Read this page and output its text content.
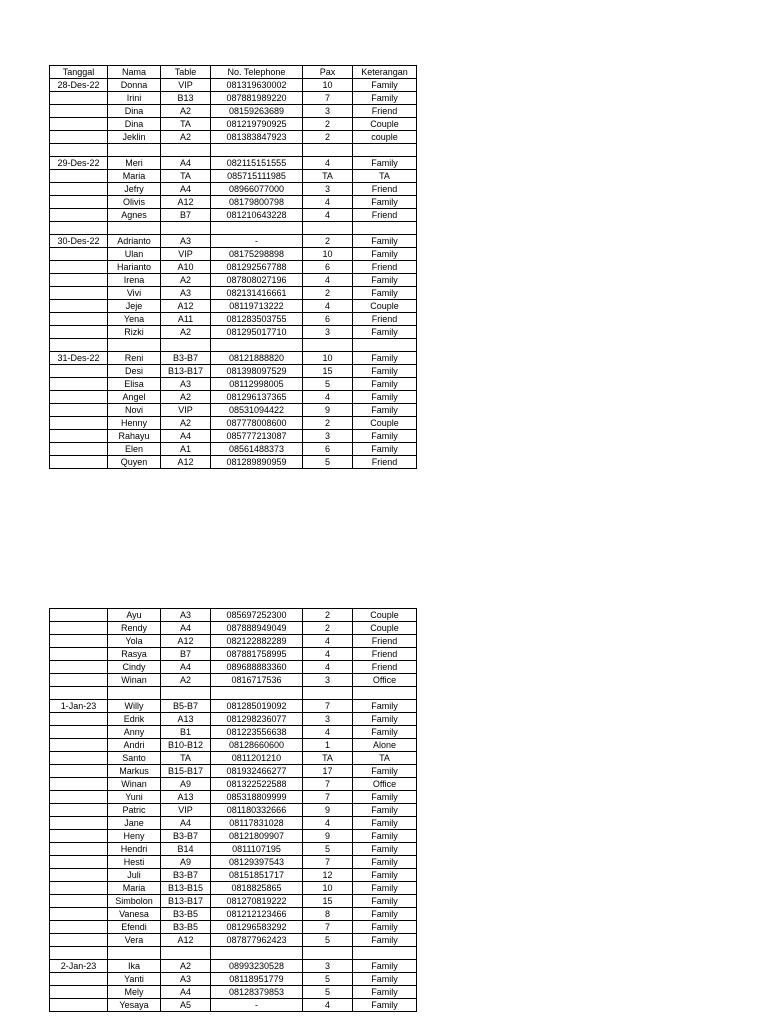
Tanggal	Nama	Table	No. Telephone	Pax	Keterangan
28-Des-22	Donna	VIP	081319630002	10	Family
	Irini	B13	087881989220	7	Family
	Dina	A2	08159263689	3	Friend
	Dina	TA	081219790925	2	Couple
	Jeklin	A2	081383847923	2	couple

29-Des-22	Meri	A4	082115151555	4	Family
	Maria	TA	085715111985	TA	TA
	Jefry	A4	08966077000	3	Friend
	Olivis	A12	08179800798	4	Family
	Agnes	B7	081210643228	4	Friend

30-Des-22	Adrianto	A3	-	2	Family
	Ulan	VIP	08175298898	10	Family
	Harianto	A10	081292567788	6	Friend
	Irena	A2	087808027196	4	Family
	Vivi	A3	082131416661	2	Family
	Jeje	A12	08119713222	4	Couple
	Yena	A11	081283503755	6	Friend
	Rizki	A2	081295017710	3	Family

31-Des-22	Reni	B3-B7	08121888820	10	Family
	Desi	B13-B17	081398097529	15	Family
	Elisa	A3	08112998005	5	Family
	Angel	A2	081296137365	4	Family
	Novi	VIP	08531094422	9	Family
	Henny	A2	087778008600	2	Couple
	Rahayu	A4	085777213087	3	Family
	Elen	A1	08561488373	6	Family
	Quyen	A12	081289890959	5	Friend
	Ayu	A3	085697252300	2	Couple
	Rendy	A4	087888949049	2	Couple
	Yola	A12	082122882289	4	Friend
	Rasya	B7	087881758995	4	Friend
	Cindy	A4	089688883360	4	Friend
	Winan	A2	0816717536	3	Office

1-Jan-23	Willy	B5-B7	081285019092	7	Family
	Edrik	A13	081298236077	3	Family
	Anny	B1	081223556638	4	Family
	Andri	B10-B12	08128660600	1	Alone
	Santo	TA	0811201210	TA	TA
	Markus	B15-B17	081932466277	17	Family
	Winan	A9	081322522588	7	Office
	Yuni	A13	085318809999	7	Family
	Patric	VIP	081180332666	9	Family
	Jane	A4	08117831028	4	Family
	Heny	B3-B7	08121809907	9	Family
	Hendri	B14	0811107195	5	Family
	Hesti	A9	08129397543	7	Family
	Juli	B3-B7	08151851717	12	Family
	Maria	B13-B15	0818825865	10	Family
	Simbolon	B13-B17	081270819222	15	Family
	Vanesa	B3-B5	081212123466	8	Family
	Efendi	B3-B5	081296583292	7	Family
	Vera	A12	087877962423	5	Family

2-Jan-23	Ika	A2	08993230528	3	Family
	Yanti	A3	08118951779	5	Family
	Mely	A4	08128379853	5	Family
	Yesaya	A5	-	4	Family
